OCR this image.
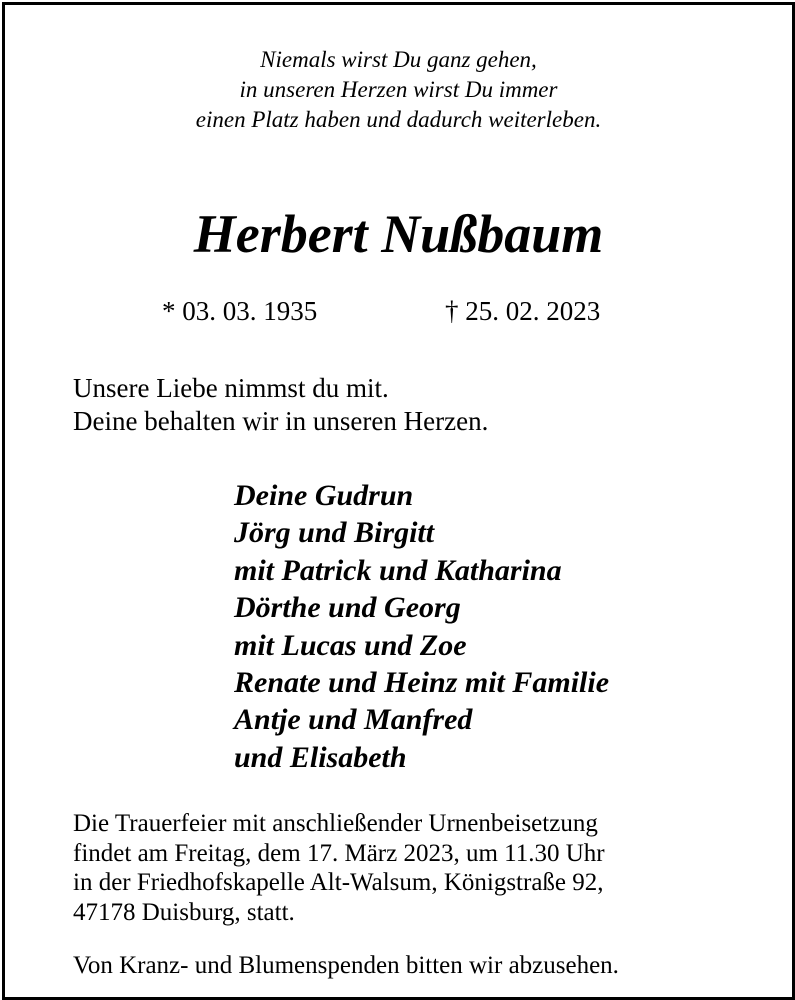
Niemals wirst Du ganz gehen,
in unseren Herzen wirst Du immer
einen Platz haben und dadurch weiterleben.
Herbert Nußbaum
* 03. 03. 1935	† 25. 02. 2023
Unsere Liebe nimmst du mit.
Deine behalten wir in unseren Herzen.
Deine Gudrun
Jörg und Birgitt
mit Patrick und Katharina
Dörthe und Georg
mit Lucas und Zoe
Renate und Heinz mit Familie
Antje und Manfred
und Elisabeth
Die Trauerfeier mit anschließender Urnenbeisetzung
findet am Freitag, dem 17. März 2023, um 11.30 Uhr
in der Friedhofskapelle Alt-Walsum, Königstraße 92,
47178 Duisburg, statt.
Von Kranz- und Blumenspenden bitten wir abzusehen.
